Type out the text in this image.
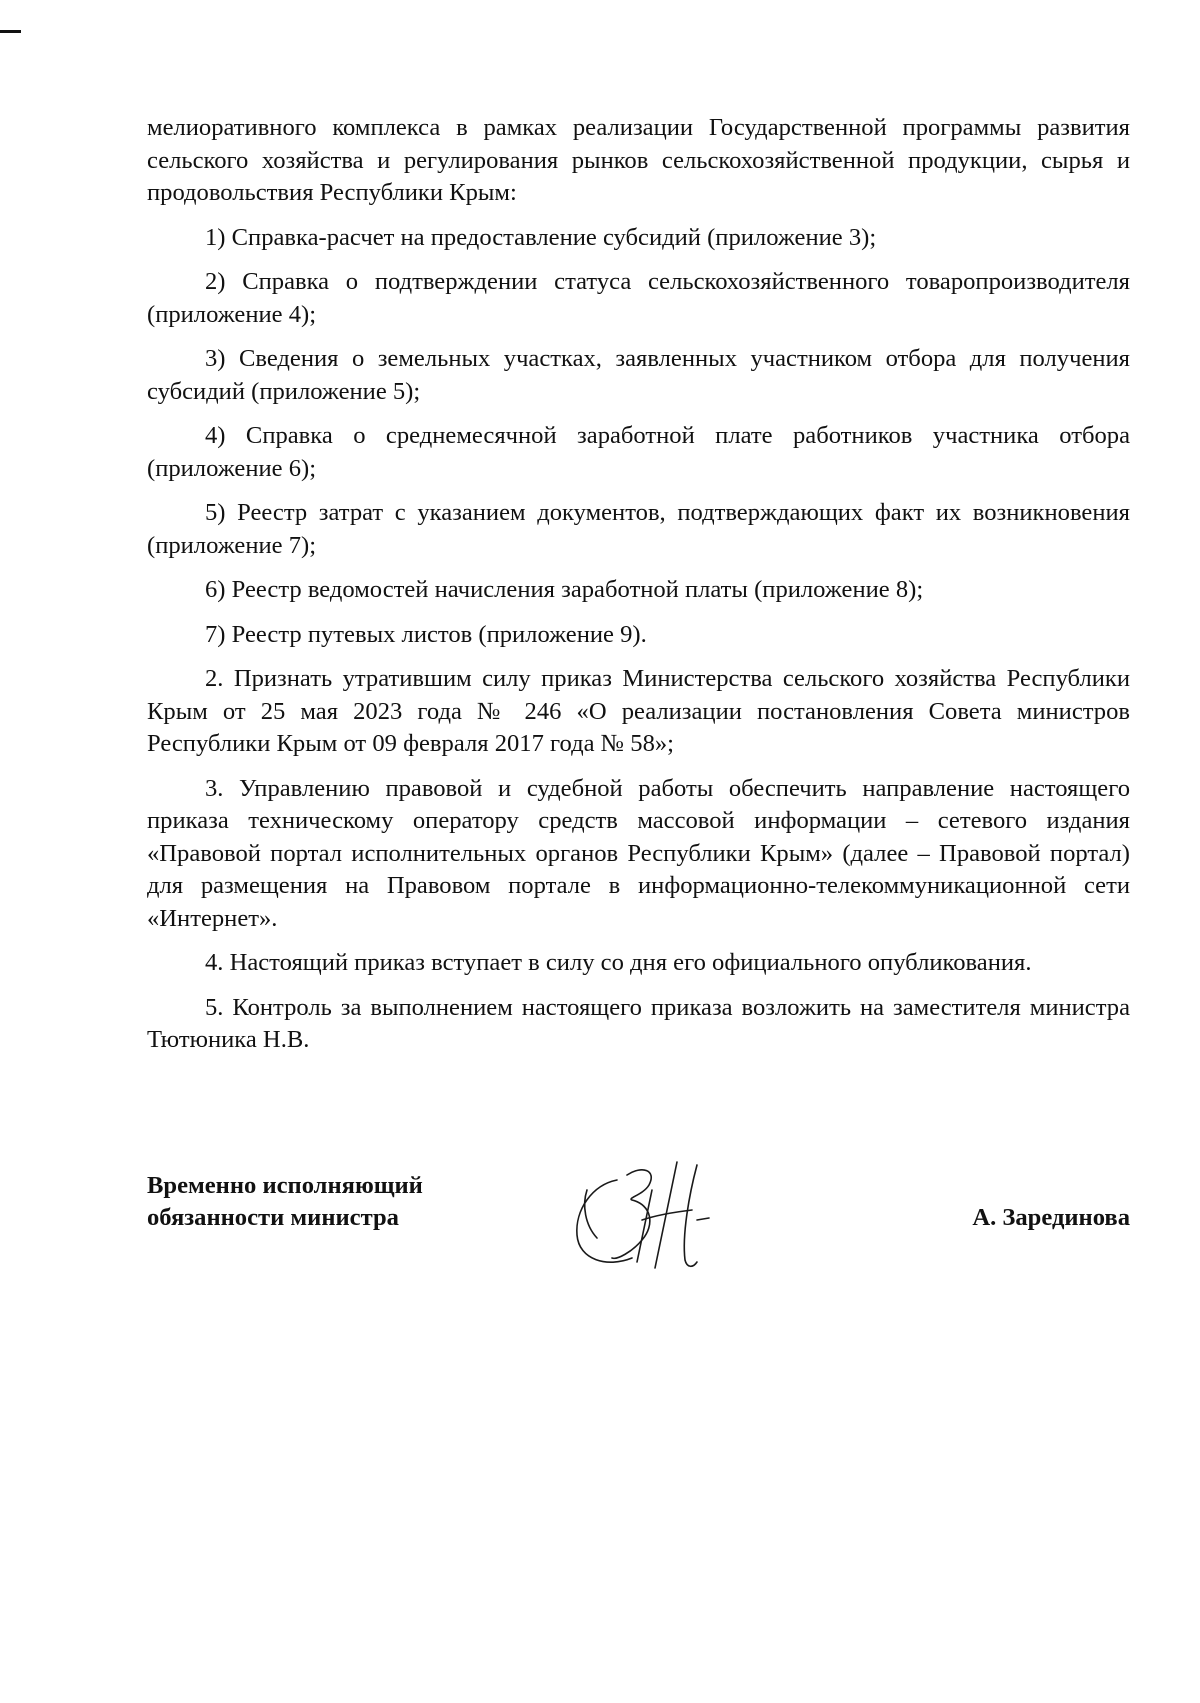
мелиоративного комплекса в рамках реализации Государственной программы развития сельского хозяйства и регулирования рынков сельскохозяйственной продукции, сырья и продовольствия Республики Крым:

1) Справка-расчет на предоставление субсидий (приложение 3);

2) Справка о подтверждении статуса сельскохозяйственного товаропроизводителя (приложение 4);

3) Сведения о земельных участках, заявленных участником отбора для получения субсидий (приложение 5);

4) Справка о среднемесячной заработной плате работников участника отбора (приложение 6);

5) Реестр затрат с указанием документов, подтверждающих факт их возникновения (приложение 7);

6) Реестр ведомостей начисления заработной платы (приложение 8);

7) Реестр путевых листов (приложение 9).

2. Признать утратившим силу приказ Министерства сельского хозяйства Республики Крым от 25 мая 2023 года № 246 «О реализации постановления Совета министров Республики Крым от 09 февраля 2017 года № 58»;

3. Управлению правовой и судебной работы обеспечить направление настоящего приказа техническому оператору средств массовой информации – сетевого издания «Правовой портал исполнительных органов Республики Крым» (далее – Правовой портал) для размещения на Правовом портале в информационно-телекоммуникационной сети «Интернет».

4. Настоящий приказ вступает в силу со дня его официального опубликования.

5. Контроль за выполнением настоящего приказа возложить на заместителя министра Тютюника Н.В.

Временно исполняющий
обязанности министра	А. Зарединова
